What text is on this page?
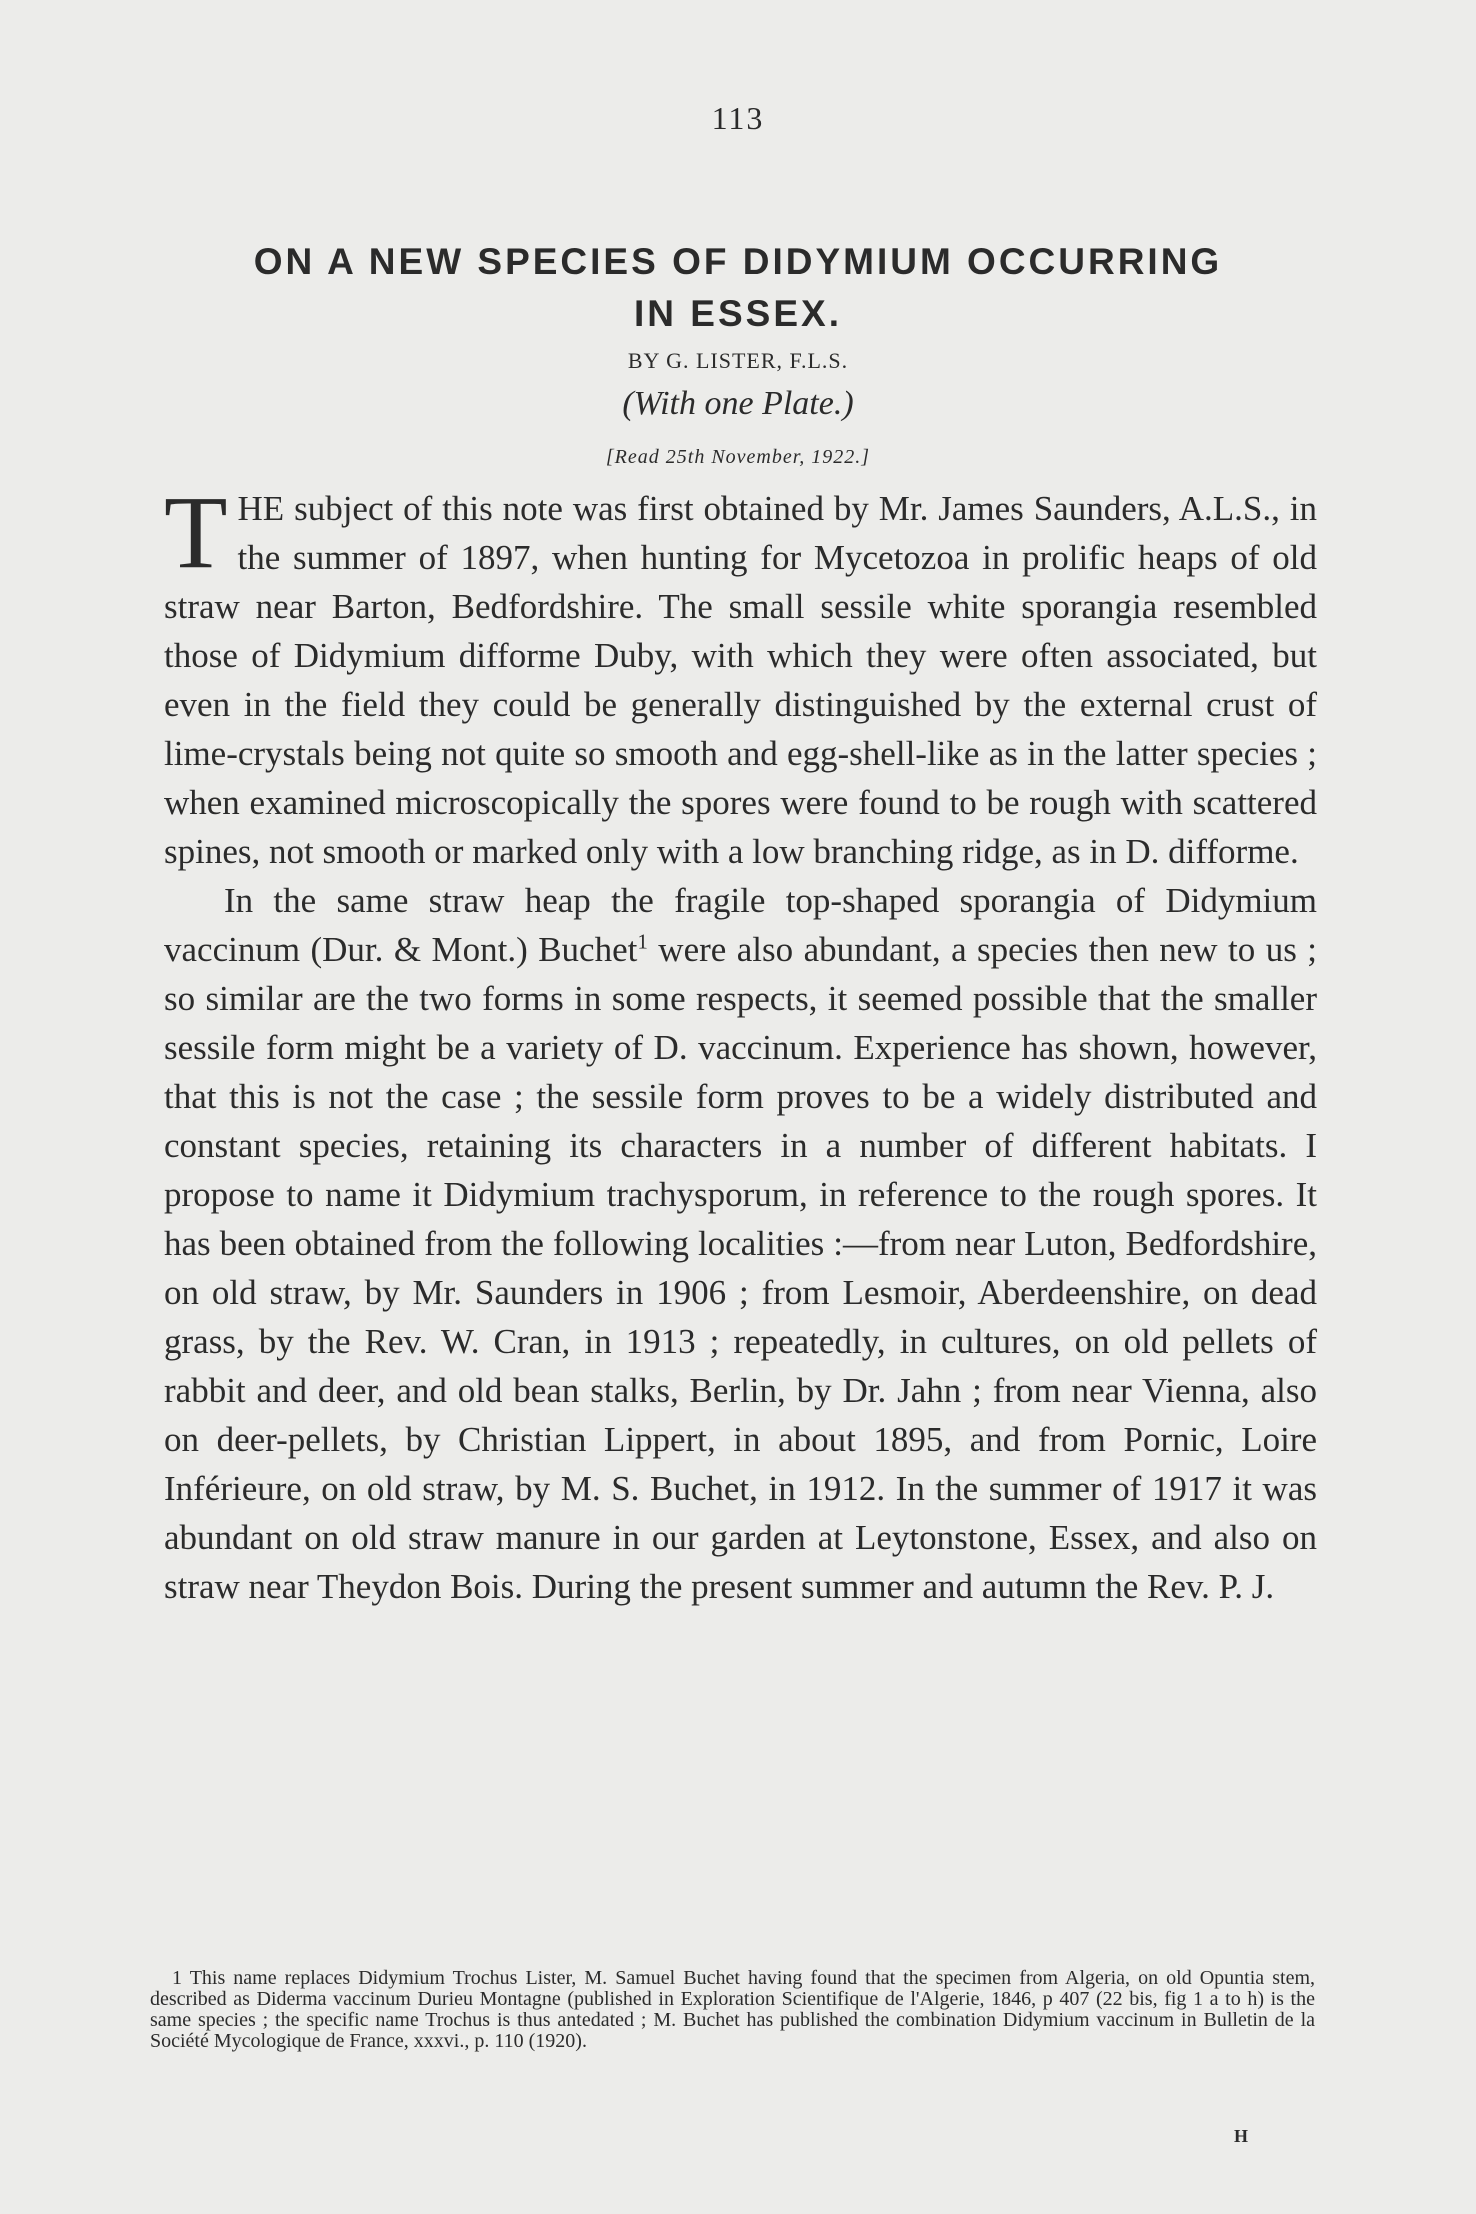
113
ON A NEW SPECIES OF DIDYMIUM OCCURRING
IN ESSEX.
BY G. LISTER, F.L.S.
(With one Plate.)
[Read 25th November, 1922.]

THE subject of this note was first obtained by Mr. James Saunders, A.L.S., in the summer of 1897, when hunting for Mycetozoa in prolific heaps of old straw near Barton, Bedfordshire. The small sessile white sporangia resembled those of Didymium difforme Duby, with which they were often associated, but even in the field they could be generally distinguished by the external crust of lime-crystals being not quite so smooth and egg-shell-like as in the latter species ; when examined microscopically the spores were found to be rough with scattered spines, not smooth or marked only with a low branching ridge, as in D. difforme.

In the same straw heap the fragile top-shaped sporangia of Didymium vaccinum (Dur. & Mont.) Buchet$^1$ were also abundant, a species then new to us ; so similar are the two forms in some respects, it seemed possible that the smaller sessile form might be a variety of D. vaccinum. Experience has shown, however, that this is not the case ; the sessile form proves to be a widely distributed and constant species, retaining its characters in a number of different habitats. I propose to name it Didymium trachysporum, in reference to the rough spores. It has been obtained from the following localities :—from near Luton, Bedfordshire, on old straw, by Mr. Saunders in 1906 ; from Lesmoir, Aberdeenshire, on dead grass, by the Rev. W. Cran, in 1913 ; repeatedly, in cultures, on old pellets of rabbit and deer, and old bean stalks, Berlin, by Dr. Jahn ; from near Vienna, also on deer-pellets, by Christian Lippert, in about 1895, and from Pornic, Loire Inférieure, on old straw, by M. S. Buchet, in 1912. In the summer of 1917 it was abundant on old straw manure in our garden at Leytonstone, Essex, and also on straw near Theydon Bois. During the present summer and autumn the Rev. P. J.

1 This name replaces Didymium Trochus Lister, M. Samuel Buchet having found that the specimen from Algeria, on old Opuntia stem, described as Diderma vaccinum Durieu Montagne (published in Exploration Scientifique de l'Algerie, 1846, p 407 (22 bis, fig 1 a to h) is the same species ; the specific name Trochus is thus antedated ; M. Buchet has published the combination Didymium vaccinum in Bulletin de la Société Mycologique de France, xxxvi., p. 110 (1920).

H
